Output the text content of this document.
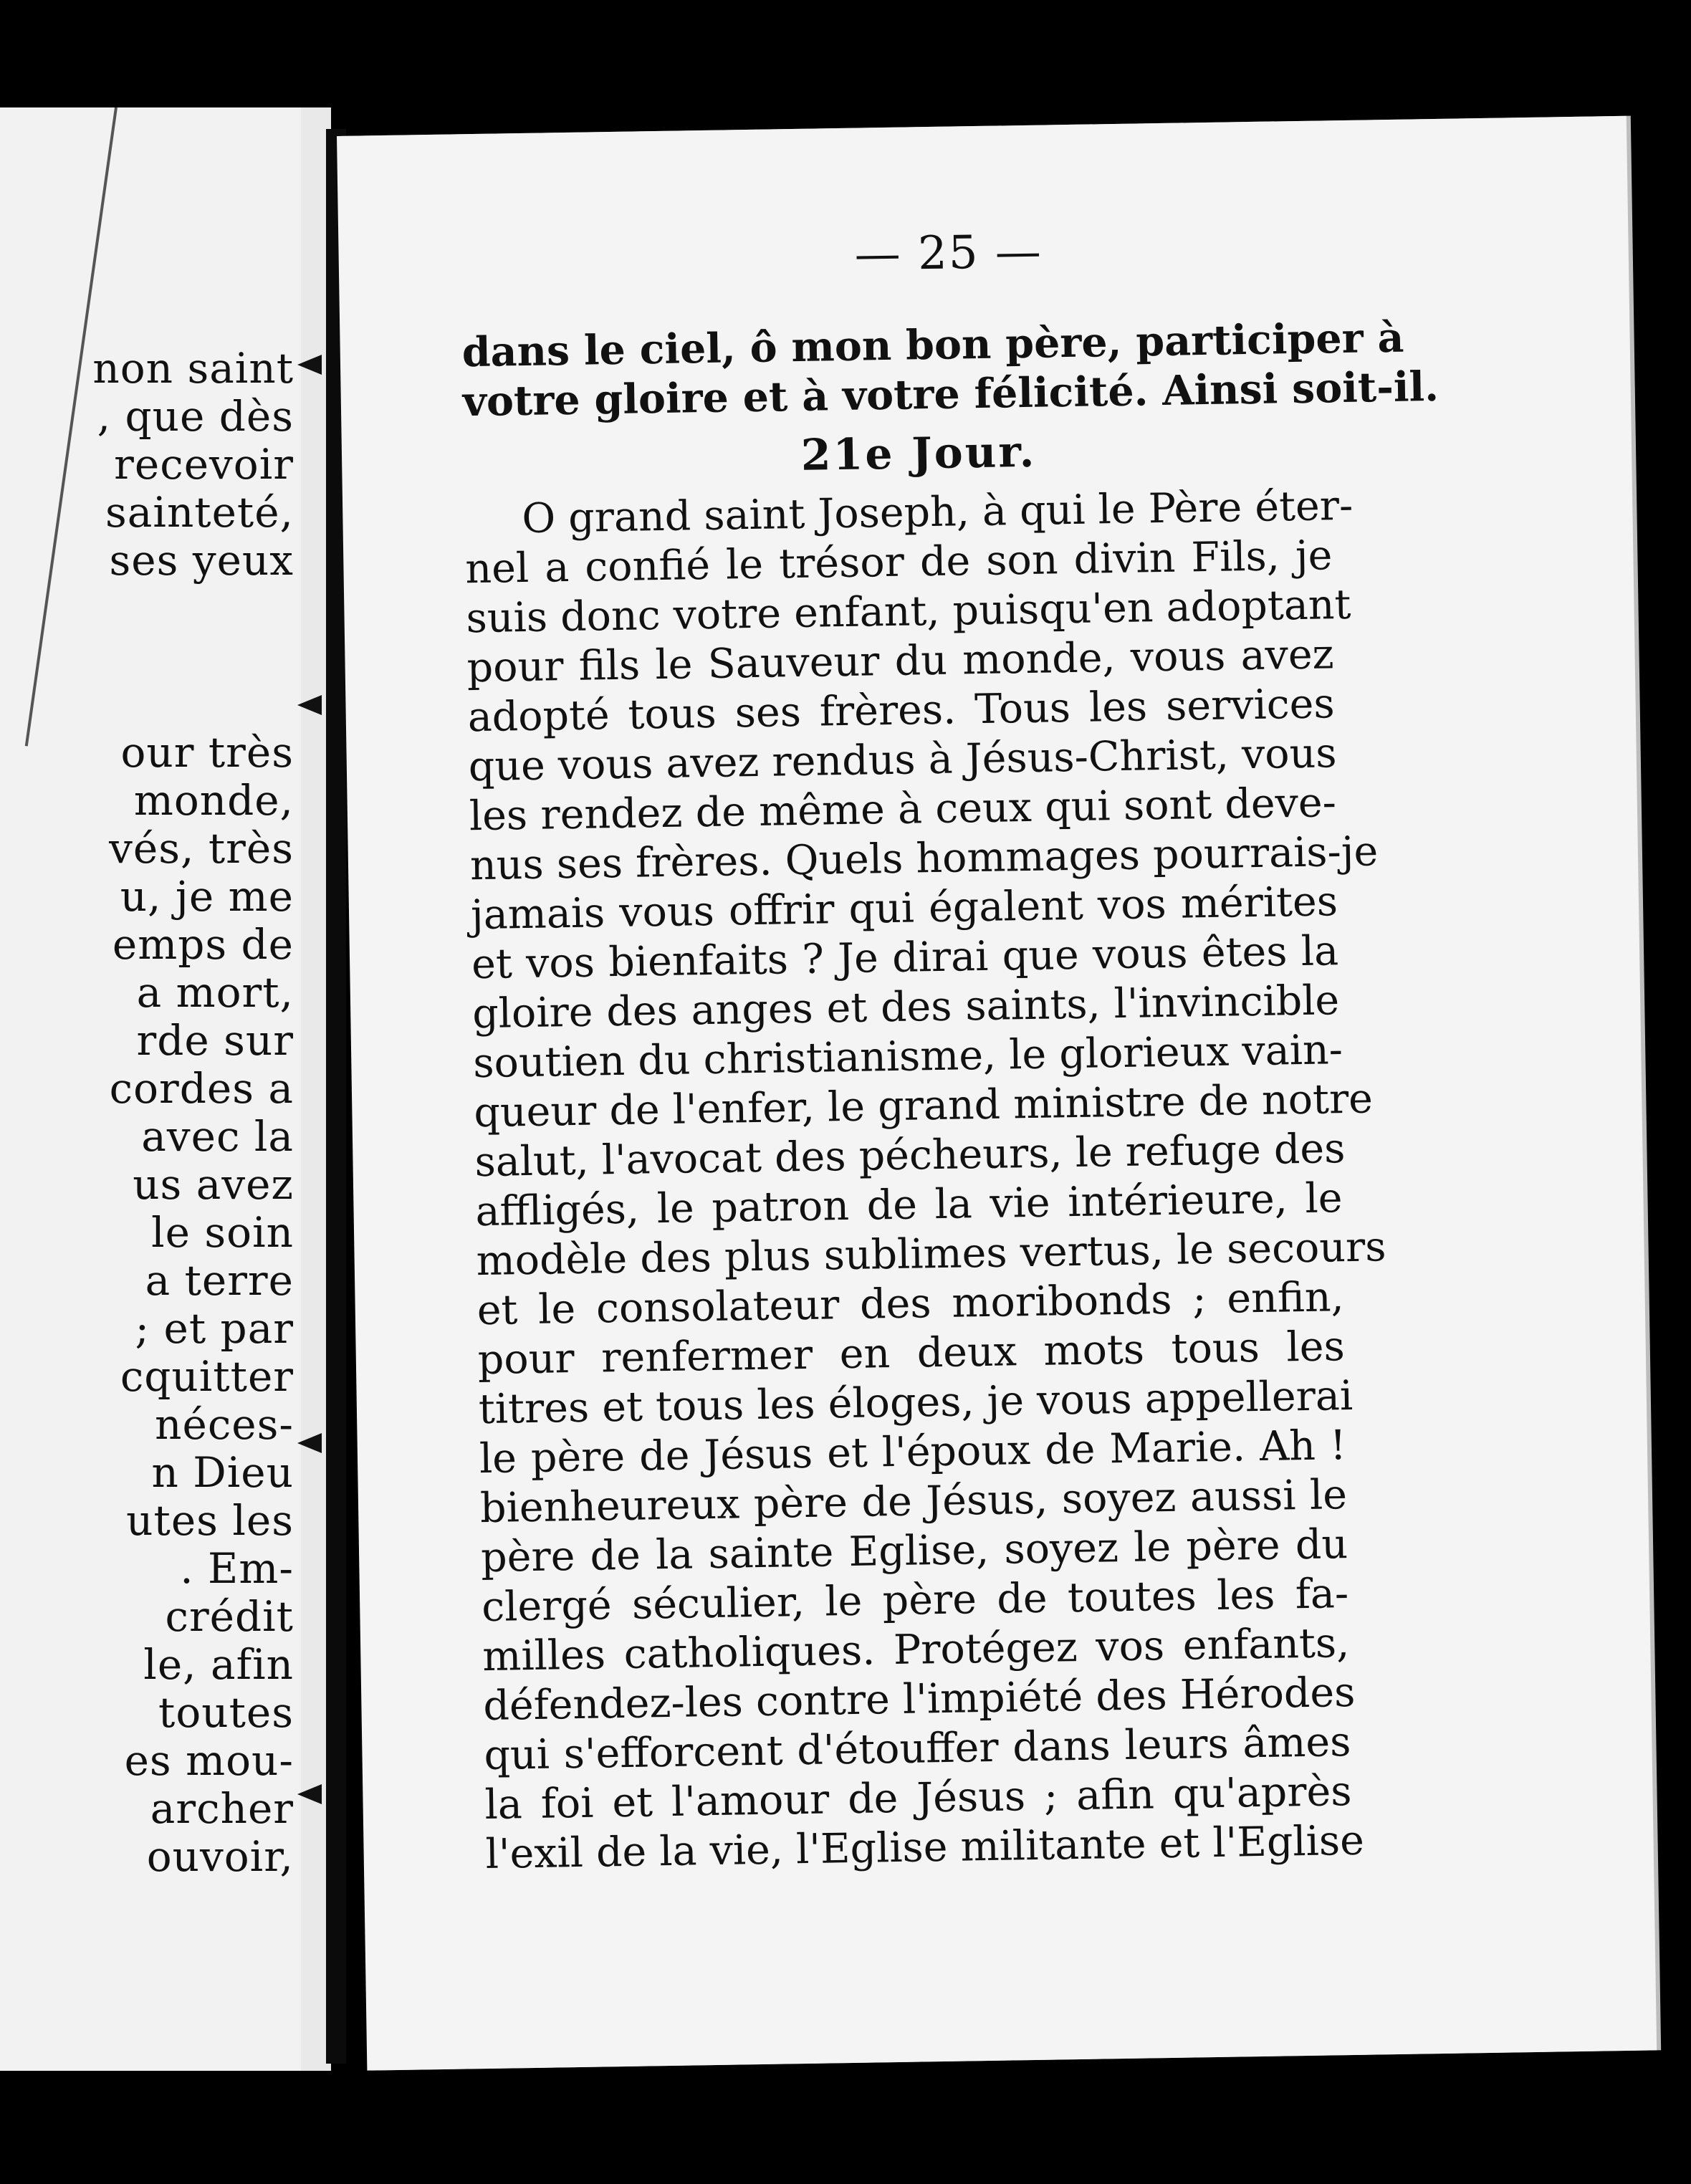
non saint
, que dès
recevoir
sainteté,
ses yeux
our très
monde,
vés, très
u, je me
emps de
a mort,
rde sur
cordes a
avec la
us avez
le soin
a terre
; et par
cquitter
néces-
n Dieu
utes les
. Em-
crédit
le, afin
toutes
es mou-
archer
ouvoir,
— 25 —
dans le ciel, ô mon bon père, participer à
votre gloire et à votre félicité. Ainsi soit-il.
21e Jour.
O grand saint Joseph, à qui le Père éter-
nel a confié le trésor de son divin Fils, je
suis donc votre enfant, puisqu'en adoptant
pour fils le Sauveur du monde, vous avez
adopté tous ses frères. Tous les services
que vous avez rendus à Jésus-Christ, vous
les rendez de même à ceux qui sont deve-
nus ses frères. Quels hommages pourrais-je
jamais vous offrir qui égalent vos mérites
et vos bienfaits ? Je dirai que vous êtes la
gloire des anges et des saints, l'invincible
soutien du christianisme, le glorieux vain-
queur de l'enfer, le grand ministre de notre
salut, l'avocat des pécheurs, le refuge des
affligés, le patron de la vie intérieure, le
modèle des plus sublimes vertus, le secours
et le consolateur des moribonds ; enfin,
pour renfermer en deux mots tous les
titres et tous les éloges, je vous appellerai
le père de Jésus et l'époux de Marie. Ah !
bienheureux père de Jésus, soyez aussi le
père de la sainte Eglise, soyez le père du
clergé séculier, le père de toutes les fa-
milles catholiques. Protégez vos enfants,
défendez-les contre l'impiété des Hérodes
qui s'efforcent d'étouffer dans leurs âmes
la foi et l'amour de Jésus ; afin qu'après
l'exil de la vie, l'Eglise militante et l'Eglise
